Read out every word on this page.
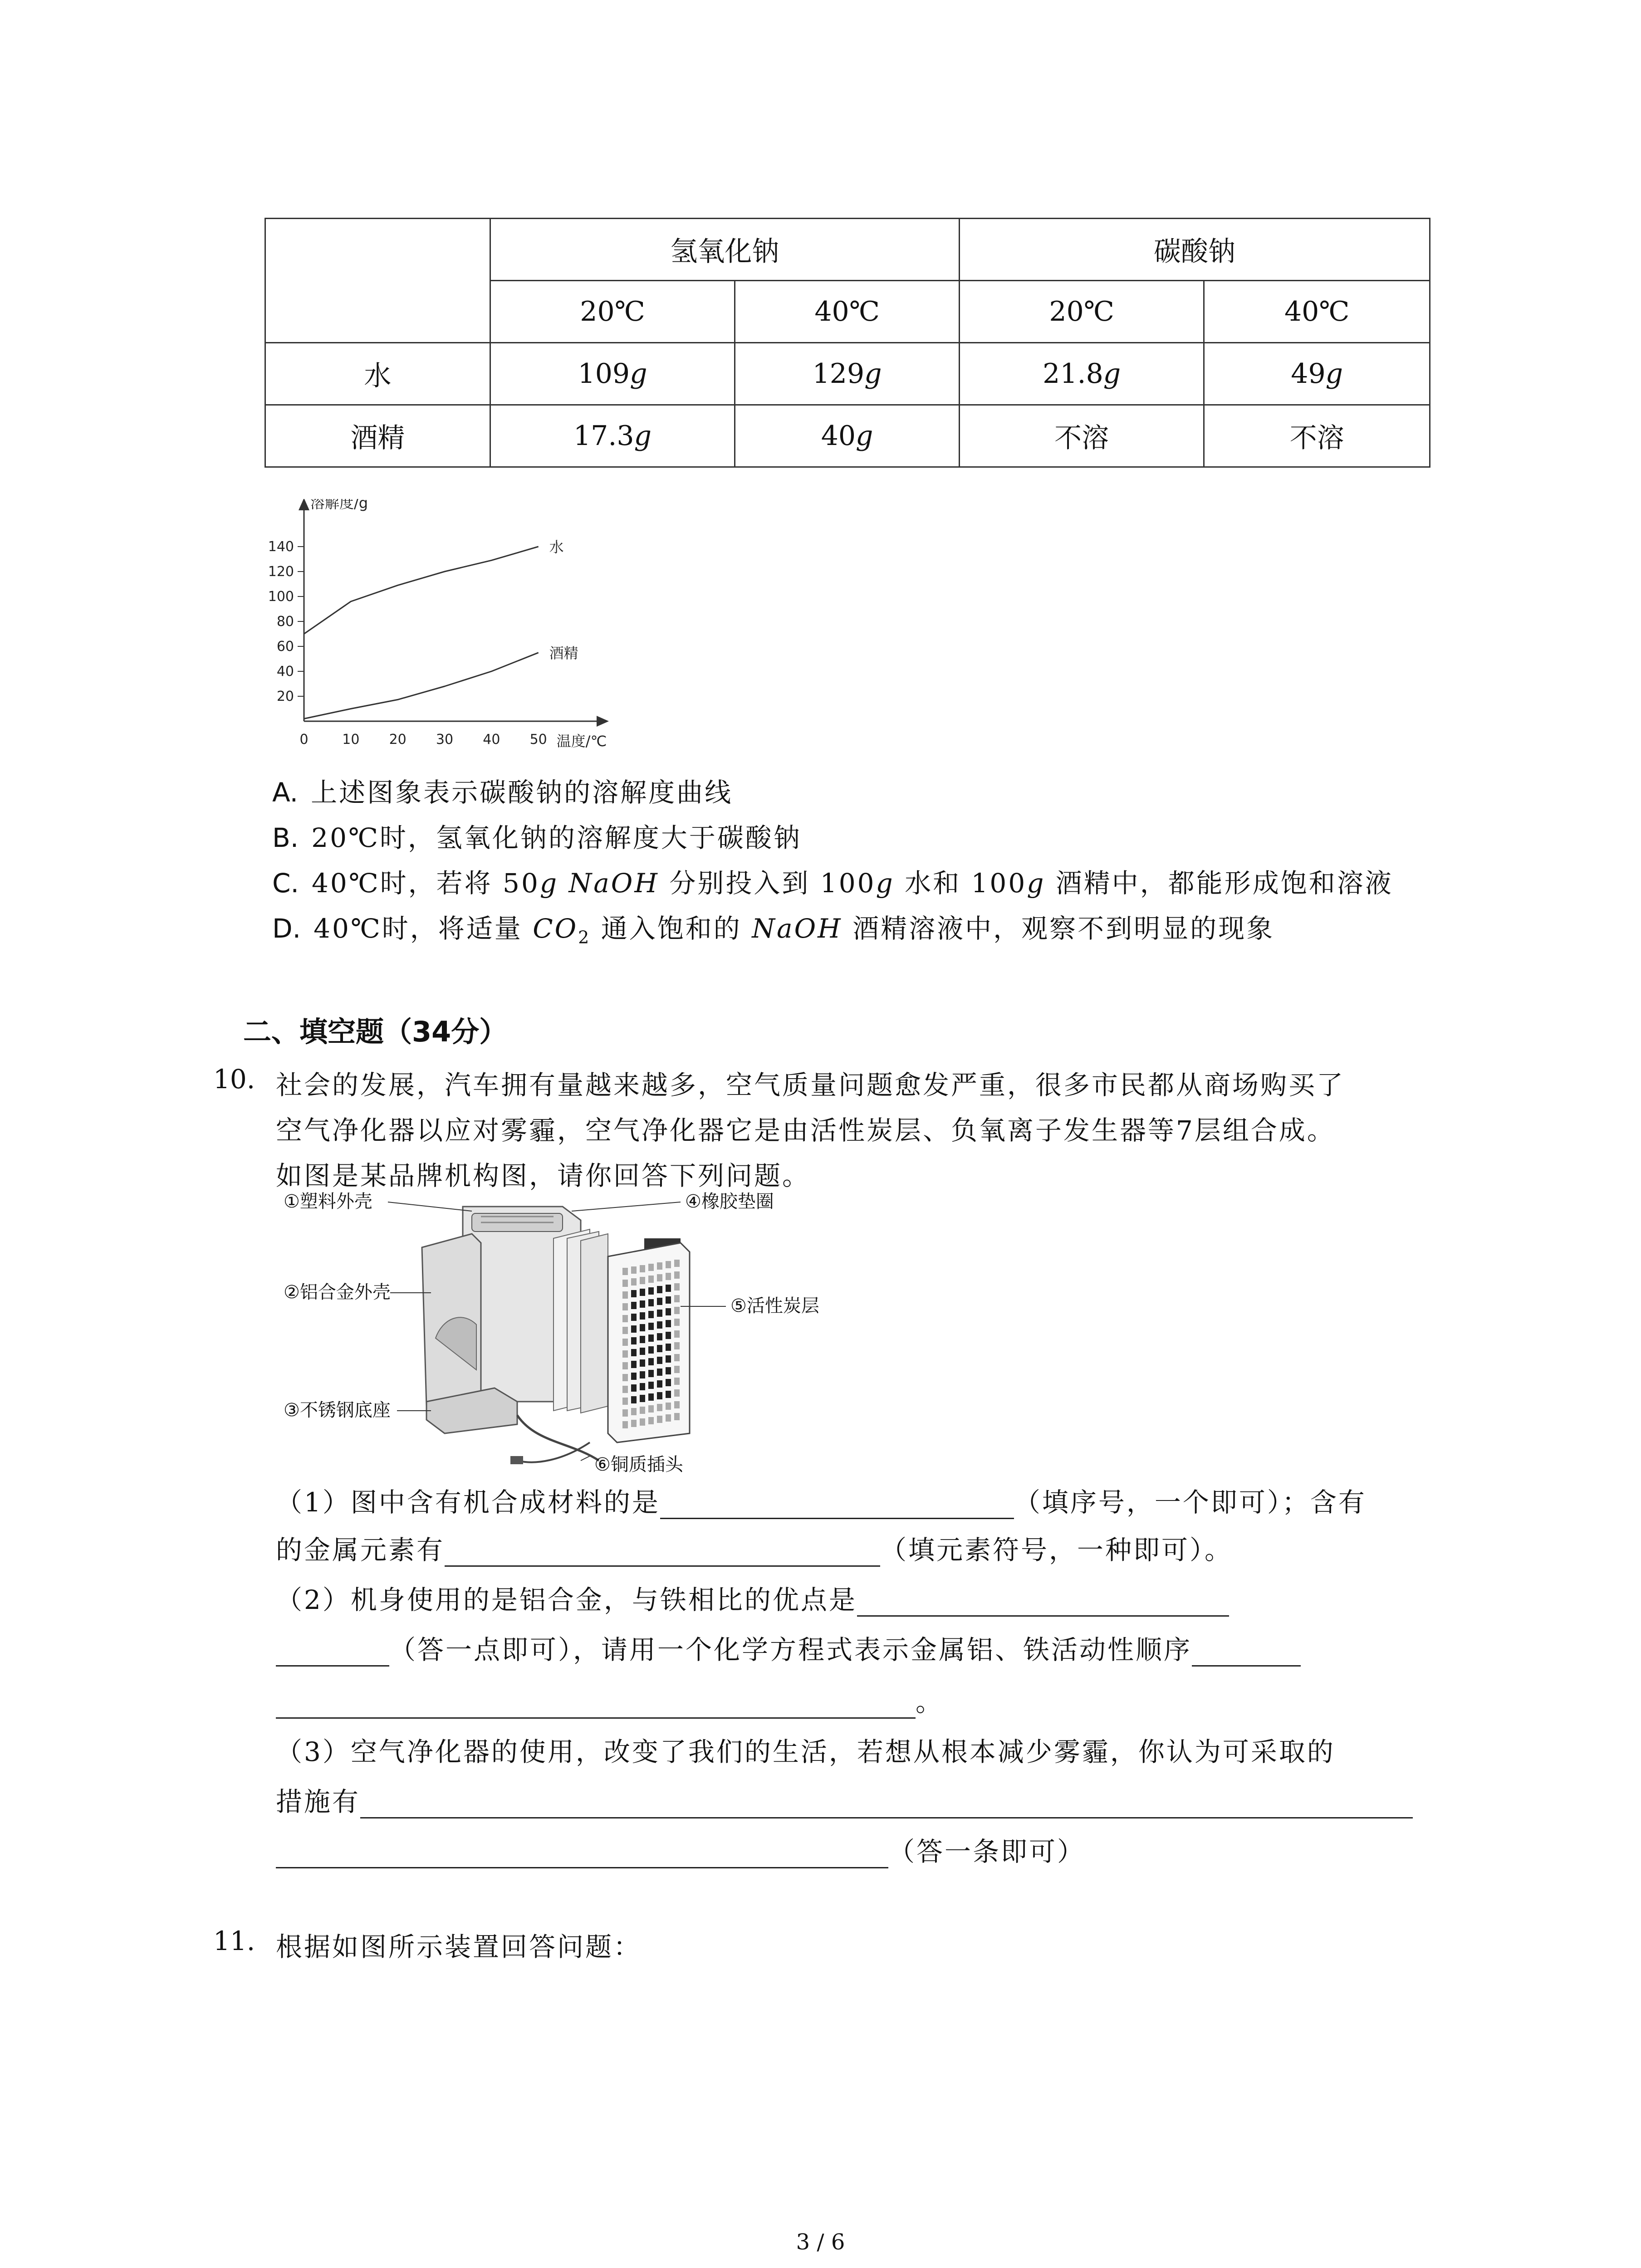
	氢氧化钠		碳酸钠	
	20℃	40℃	20℃	40℃
水	109g	129g	21.8g	49g
酒精	17.3g	40g	不溶	不溶
0 10 20 30 40 50
20
40
60
80
100
120
140	水
酒精
溶解度/g
温度/℃
A. 上述图象表示碳酸钠的溶解度曲线
B. 20℃时，氢氧化钠的溶解度大于碳酸钠
C. 40℃时，若将 50g NaOH 分别投入到 100g 水和 100g 酒精中，都能形成饱和溶液
D. 40℃时，将适量 $CO_2$ 通入饱和的 NaOH 酒精溶液中，观察不到明显的现象
二、填空题（34分）
10. 社会的发展，汽车拥有量越来越多，空气质量问题愈发严重，很多市民都从商场购买了
空气净化器以应对雾霾，空气净化器它是由活性炭层、负氧离子发生器等7层组合成。
如图是某品牌机构图，请你回答下列问题。
①塑料外壳	④橡胶垫圈
②铝合金外壳
⑤活性炭层
③不锈钢底座
⑥铜质插头
（1）图中含有机合成材料的是	（填序号，一个即可）；含有
的金属元素有	（填元素符号，一种即可）。
（2）机身使用的是铝合金，与铁相比的优点是
（答一点即可），请用一个化学方程式表示金属铝、铁活动性顺序
。
（3）空气净化器的使用，改变了我们的生活，若想从根本减少雾霾，你认为可采取的
措施有
（答一条即可）
11. 根据如图所示装置回答问题：
3 / 6
